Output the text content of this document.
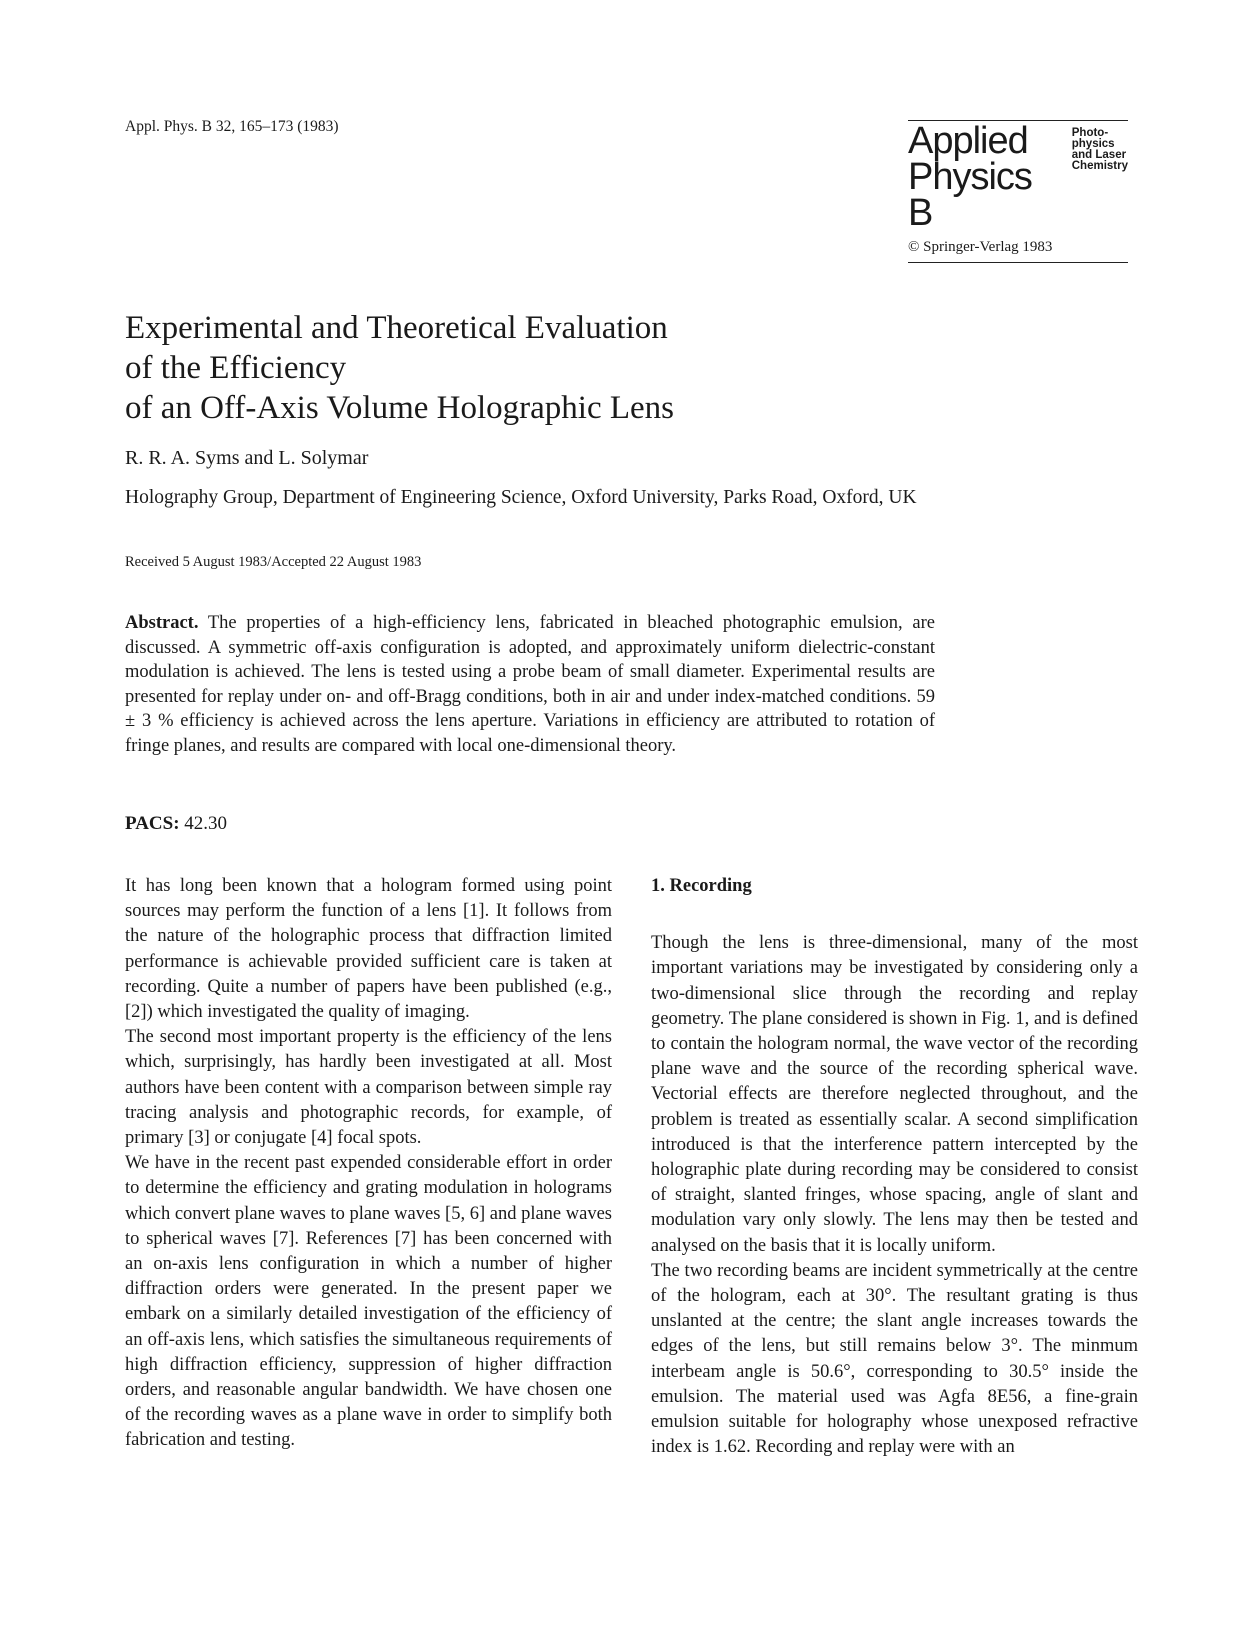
Appl. Phys. B 32, 165–173 (1983)	Applied
Physics B
Photo-
physics
and Laser
Chemistry
© Springer-Verlag 1983
Experimental and Theoretical Evaluation
of the Efficiency
of an Off-Axis Volume Holographic Lens
R. R. A. Syms and L. Solymar
Holography Group, Department of Engineering Science, Oxford University, Parks Road, Oxford, UK
Received 5 August 1983/Accepted 22 August 1983
Abstract. The properties of a high-efficiency lens, fabricated in bleached photographic emulsion, are discussed. A symmetric off-axis configuration is adopted, and approximately uniform dielectric-constant modulation is achieved. The lens is tested using a probe beam of small diameter. Experimental results are presented for replay under on- and off-Bragg conditions, both in air and under index-matched conditions. 59 ± 3 % efficiency is achieved across the lens aperture. Variations in efficiency are attributed to rotation of fringe planes, and results are compared with local one-dimensional theory.
PACS: 42.30

It has long been known that a hologram formed using point sources may perform the function of a lens [1]. It follows from the nature of the holographic process that diffraction limited performance is achievable provided sufficient care is taken at recording. Quite a number of papers have been published (e.g., [2]) which investigated the quality of imaging.

The second most important property is the efficiency of the lens which, surprisingly, has hardly been investigated at all. Most authors have been content with a comparison between simple ray tracing analysis and photographic records, for example, of primary [3] or conjugate [4] focal spots.

We have in the recent past expended considerable effort in order to determine the efficiency and grating modulation in holograms which convert plane waves to plane waves [5, 6] and plane waves to spherical waves [7]. References [7] has been concerned with an on-axis lens configuration in which a number of higher diffraction orders were generated. In the present paper we embark on a similarly detailed investigation of the efficiency of an off-axis lens, which satisfies the simultaneous requirements of high diffraction efficiency, suppression of higher diffraction orders, and reasonable angular bandwidth. We have chosen one of the recording waves as a plane wave in order to simplify both fabrication and testing.

1. Recording

Though the lens is three-dimensional, many of the most important variations may be investigated by considering only a two-dimensional slice through the recording and replay geometry. The plane considered is shown in Fig. 1, and is defined to contain the hologram normal, the wave vector of the recording plane wave and the source of the recording spherical wave. Vectorial effects are therefore neglected throughout, and the problem is treated as essentially scalar. A second simplification introduced is that the interference pattern intercepted by the holographic plate during recording may be considered to consist of straight, slanted fringes, whose spacing, angle of slant and modulation vary only slowly. The lens may then be tested and analysed on the basis that it is locally uniform.

The two recording beams are incident symmetrically at the centre of the hologram, each at 30°. The resultant grating is thus unslanted at the centre; the slant angle increases towards the edges of the lens, but still remains below 3°. The minmum interbeam angle is 50.6°, corresponding to 30.5° inside the emulsion. The material used was Agfa 8E56, a fine-grain emulsion suitable for holography whose unexposed refractive index is 1.62. Recording and replay were with an
